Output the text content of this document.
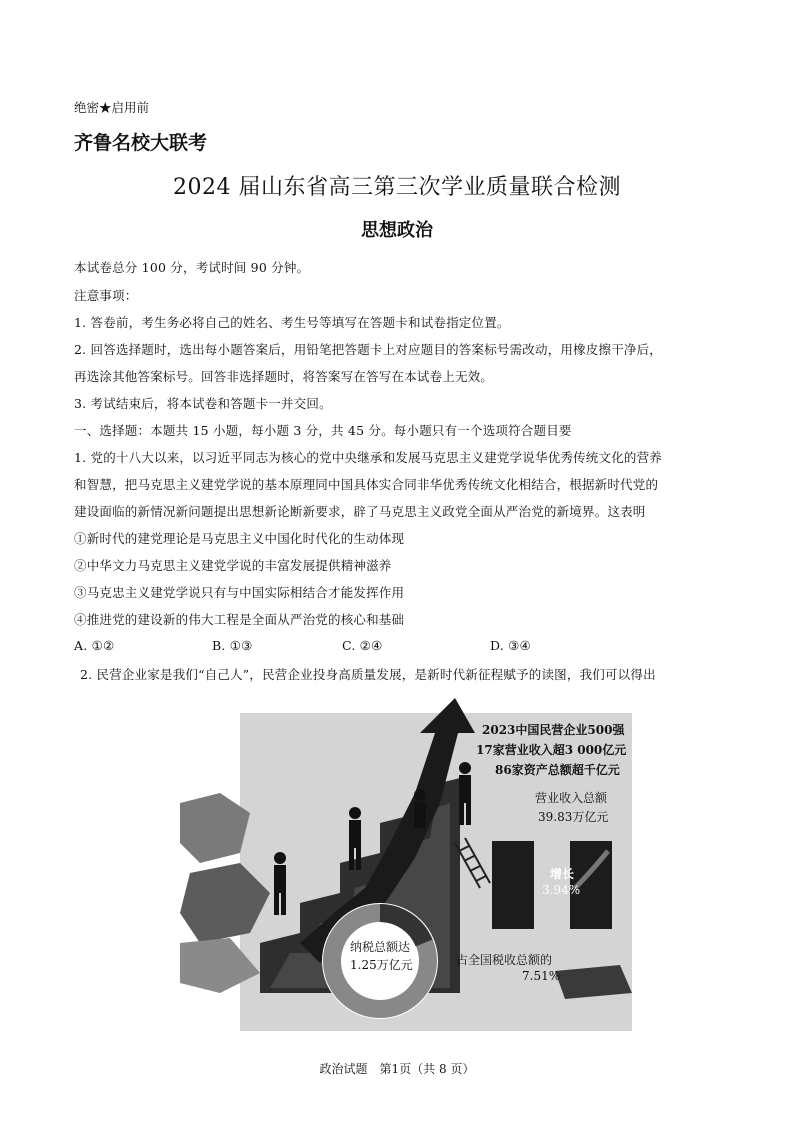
绝密★启用前
齐鲁名校大联考
2024 届山东省高三第三次学业质量联合检测
思想政治
本试卷总分 100 分，考试时间 90 分钟。
注意事项：
1. 答卷前，考生务必将自己的姓名、考生号等填写在答题卡和试卷指定位置。
2. 回答选择题时，选出每小题答案后，用铅笔把答题卡上对应题目的答案标号需改动，用橡皮擦干净后，
再选涂其他答案标号。回答非选择题时，将答案写在答写在本试卷上无效。
3. 考试结束后，将本试卷和答题卡一并交回。
一、选择题：本题共 15 小题，每小题 3 分，共 45 分。每小题只有一个选项符合题目要
1. 党的十八大以来，以习近平同志为核心的党中央继承和发展马克思主义建党学说华优秀传统文化的营养
和智慧，把马克思主义建党学说的基本原理同中国具体实合同非华优秀传统文化相结合，根据新时代党的
建设面临的新情况新问题提出思想新论断新要求，辟了马克思主义政党全面从严治党的新境界。这表明
①新时代的建党理论是马克思主义中国化时代化的生动体现
②中华文力马克思主义建党学说的丰富发展提供精神滋养
③马克忠主义建党学说只有与中国实际相结合才能发挥作用
④推进党的建设新的伟大工程是全面从严治党的核心和基础
A. ①②	B. ①③	C. ②④	D. ③④
2. 民营企业家是我们“自己人”，民营企业投身高质量发展，是新时代新征程赋予的读图，我们可以得出
2023中国民营企业500强
17家营业收入超3 000亿元
86家资产总额超千亿元
营业收入总额
39.83万亿元
增长
3.94%
纳税总额达
1.25万亿元	占全国税收总额的
7.51%
政治试题　第1页（共 8 页）
